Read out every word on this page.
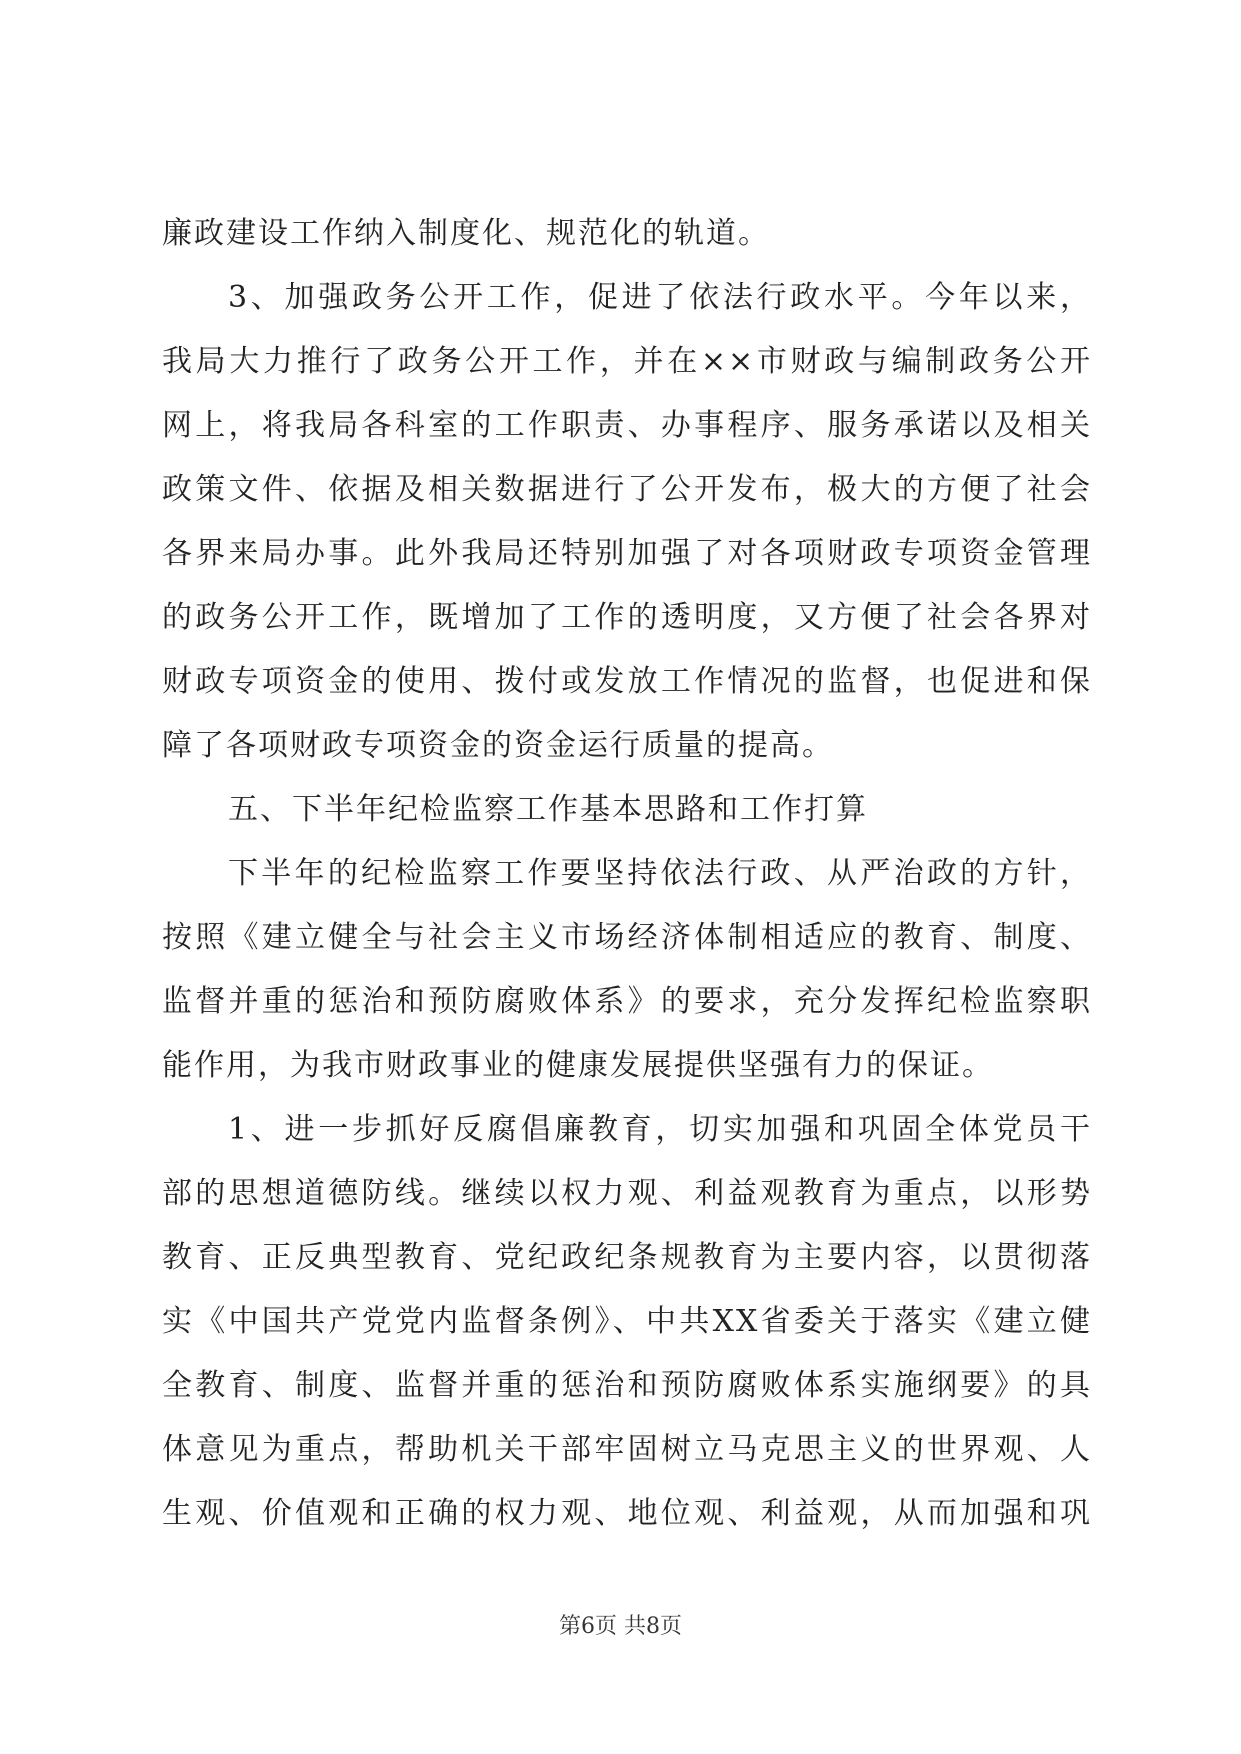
廉政建设工作纳入制度化、规范化的轨道。
3、加强政务公开工作，促进了依法行政水平。今年以来，
我局大力推行了政务公开工作，并在××市财政与编制政务公开
网上，将我局各科室的工作职责、办事程序、服务承诺以及相关
政策文件、依据及相关数据进行了公开发布，极大的方便了社会
各界来局办事。此外我局还特别加强了对各项财政专项资金管理
的政务公开工作，既增加了工作的透明度，又方便了社会各界对
财政专项资金的使用、拨付或发放工作情况的监督，也促进和保
障了各项财政专项资金的资金运行质量的提高。
五、下半年纪检监察工作基本思路和工作打算
下半年的纪检监察工作要坚持依法行政、从严治政的方针，
按照《建立健全与社会主义市场经济体制相适应的教育、制度、
监督并重的惩治和预防腐败体系》的要求，充分发挥纪检监察职
能作用，为我市财政事业的健康发展提供坚强有力的保证。
1、进一步抓好反腐倡廉教育，切实加强和巩固全体党员干
部的思想道德防线。继续以权力观、利益观教育为重点，以形势
教育、正反典型教育、党纪政纪条规教育为主要内容，以贯彻落
实《中国共产党党内监督条例》、中共XX省委关于落实《建立健
全教育、制度、监督并重的惩治和预防腐败体系实施纲要》的具
体意见为重点，帮助机关干部牢固树立马克思主义的世界观、人
生观、价值观和正确的权力观、地位观、利益观，从而加强和巩
第6页 共8页
